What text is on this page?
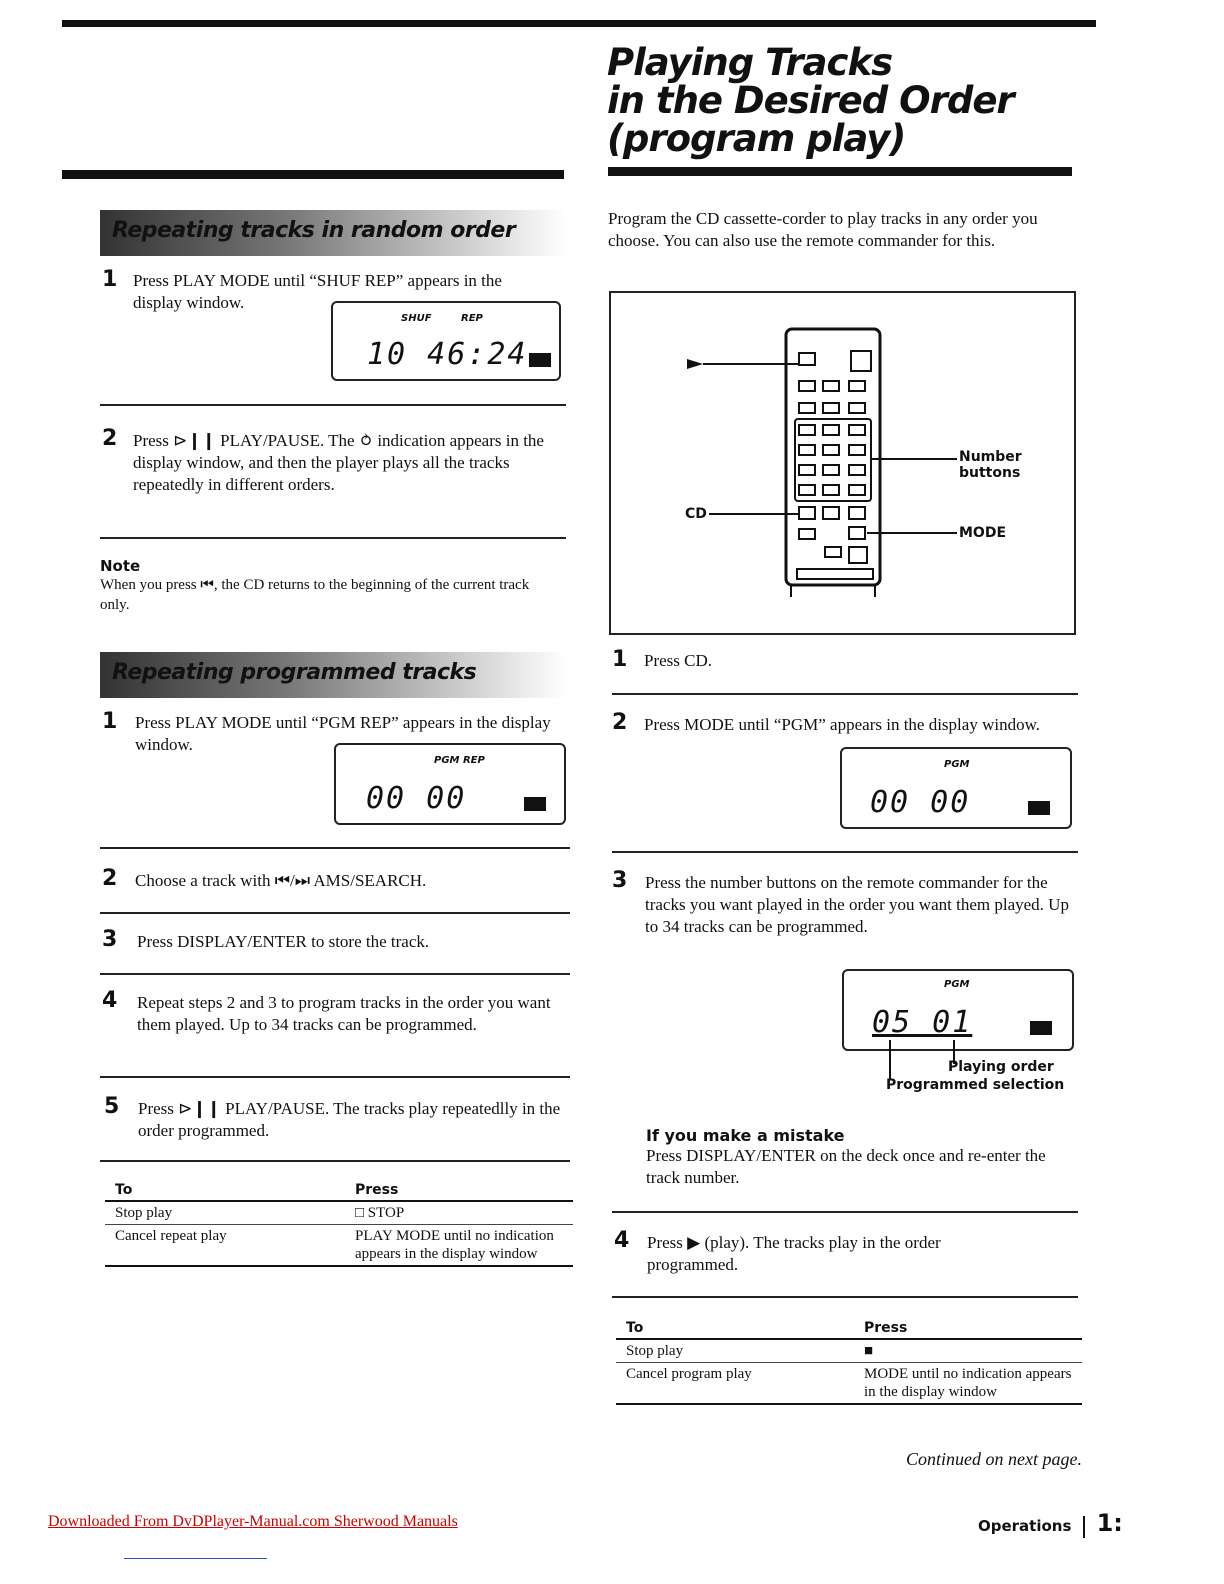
Playing Tracks
in the Desired Order
(program play)
Repeating tracks in random order
1 Press PLAY MODE until “SHUF REP” appears in the display window.
SHUF	REP
10 46:24
2 Press ⊳❙❙ PLAY/PAUSE. The ⥁ indication appears in the display window, and then the player plays all the tracks repeatedly in different orders.
Note
When you press ⏮, the CD returns to the beginning of the current track only.
Repeating programmed tracks
1 Press PLAY MODE until “PGM REP” appears in the display window.
PGM REP
00 00
2 Choose a track with ⏮/⏭ AMS/SEARCH.
3 Press DISPLAY/ENTER to store the track.
4 Repeat steps 2 and 3 to program tracks in the order you want them played. Up to 34 tracks can be programmed.
5 Press ⊳❙❙ PLAY/PAUSE. The tracks play repeatedlly in the order programmed.
To	Press
Stop play	□ STOP
Cancel repeat play	PLAY MODE until no indication appears in the display window
Program the CD cassette-corder to play tracks in any order you choose. You can also use the remote commander for this.
Number buttons
CD
MODE
1 Press CD.
2 Press MODE until “PGM” appears in the display window.
PGM
00 00
3 Press the number buttons on the remote commander for the tracks you want played in the order you want them played. Up to 34 tracks can be programmed.
PGM
05 01
Playing order
Programmed selection
If you make a mistake
Press DISPLAY/ENTER on the deck once and re-enter the track number.
4 Press ▶ (play). The tracks play in the order programmed.
To	Press
Stop play	■
Cancel program play	MODE until no indication appears in the display window
Continued on next page.
Downloaded From DvDPlayer-Manual.com Sherwood Manuals	Operations 1:
